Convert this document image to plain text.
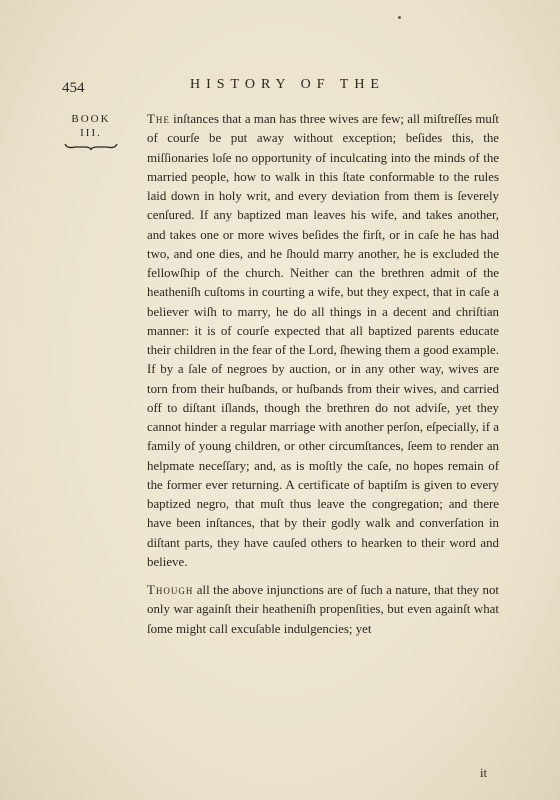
454	HISTORY OF THE
BOOK
III.

The inſtances that a man has three wives are few; all miſtreſſes muſt of courſe be put away without exception; beſides this, the miſſionaries loſe no opportunity of inculcating into the minds of the married people, how to walk in this ſtate conformable to the rules laid down in holy writ, and every deviation from them is ſeverely cenſured. If any baptized man leaves his wife, and takes another, and takes one or more wives beſides the firſt, or in caſe he has had two, and one dies, and he ſhould marry another, he is excluded the fellowſhip of the church. Neither can the brethren admit of the heatheniſh cuſtoms in courting a wife, but they expect, that in caſe a believer wiſh to marry, he do all things in a decent and chriſtian manner: it is of courſe expected that all baptized parents educate their children in the fear of the Lord, ſhewing them a good example. If by a ſale of negroes by auction, or in any other way, wives are torn from their huſbands, or huſbands from their wives, and carried off to diſtant iſlands, though the brethren do not adviſe, yet they cannot hinder a regular marriage with another perſon, eſpecially, if a family of young children, or other circumſtances, ſeem to render an helpmate neceſſary; and, as is moſtly the caſe, no hopes remain of the former ever returning. A certificate of baptiſm is given to every baptized negro, that muſt thus leave the congregation; and there have been inſtances, that by their godly walk and converſation in diſtant parts, they have cauſed others to hearken to their word and believe.

Though all the above injunctions are of ſuch a nature, that they not only war againſt their heatheniſh propenſities, but even againſt what ſome might call excuſable indulgencies; yet

it
